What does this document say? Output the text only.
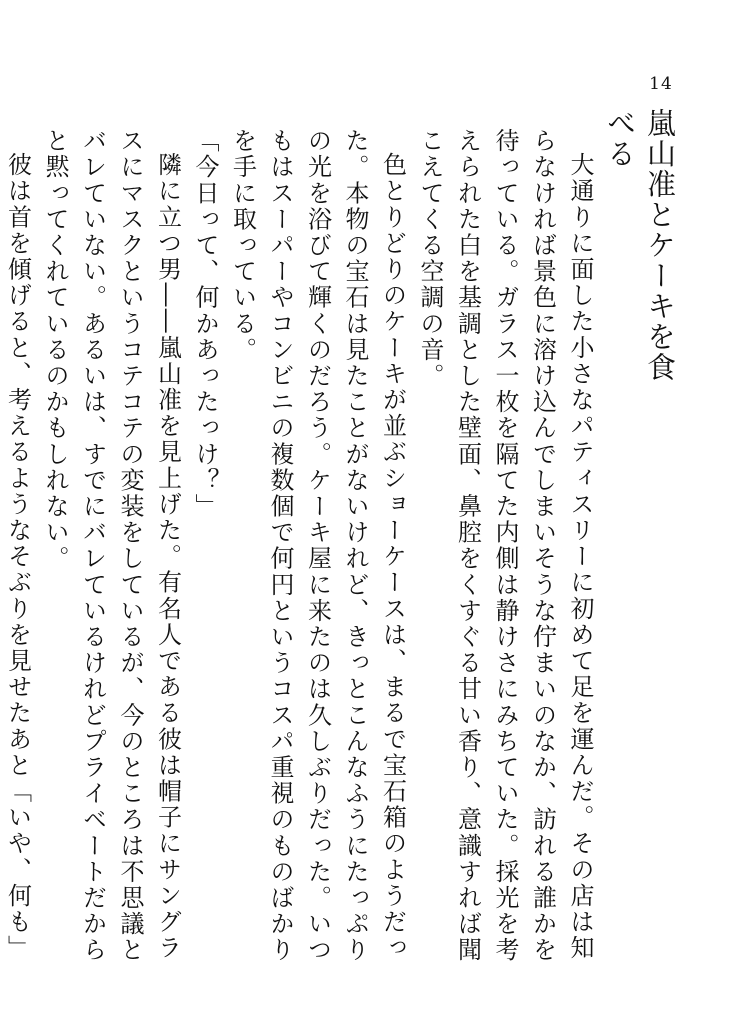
14
嵐山准とケーキを食べる

大通りに面した小さなパティスリーに初めて足を運んだ。その店は知らなければ景色に溶け込んでしまいそうな佇まいのなか、訪れる誰かを待っている。ガラス一枚を隔てた内側は静けさにみちていた。採光を考えられた白を基調とした壁面、鼻腔をくすぐる甘い香り、意識すれば聞こえてくる空調の音。

色とりどりのケーキが並ぶショーケースは、まるで宝石箱のようだった。本物の宝石は見たことがないけれど、きっとこんなふうにたっぷりの光を浴びて輝くのだろう。ケーキ屋に来たのは久しぶりだった。いつもはスーパーやコンビニの複数個で何円というコスパ重視のものばかりを手に取っている。

「今日って、何かあったっけ？」

隣に立つ男――嵐山准を見上げた。有名人である彼は帽子にサングラスにマスクというコテコテの変装をしているが、今のところは不思議とバレていない。あるいは、すでにバレているけれどプライベートだからと黙ってくれているのかもしれない。

彼は首を傾げると、考えるようなそぶりを見せたあと「いや、何も」
